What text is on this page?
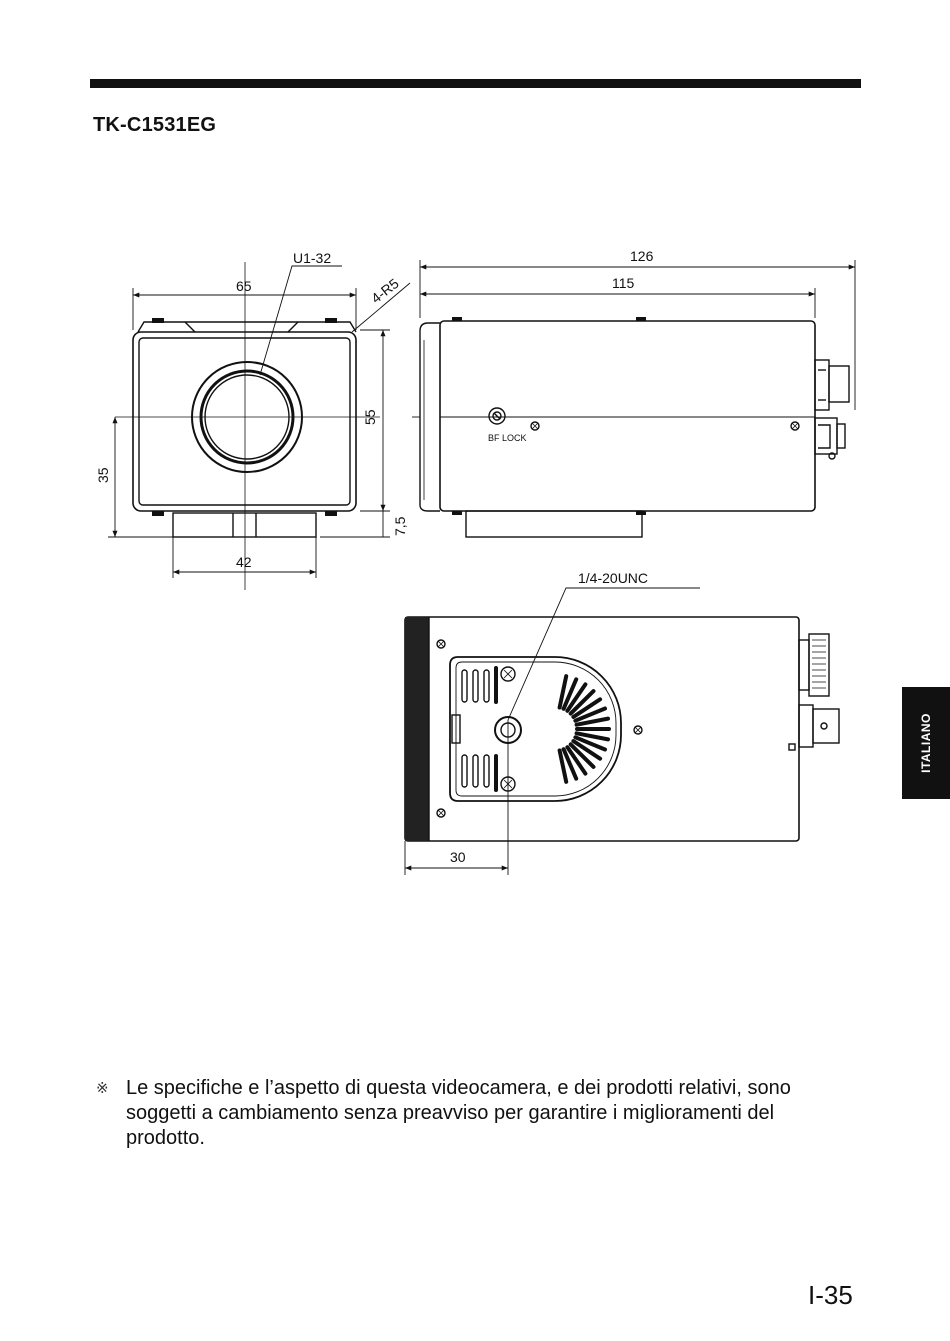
TK-C1531EG
65
U1-32
4-R5
55
35
7,5
42
BF LOCK
126
115
1/4-20UNC
30
ITALIANO
※ Le specifiche e l’aspetto di questa videocamera, e dei prodotti relativi, sono soggetti a cambiamento senza preavviso per garantire i miglioramenti del prodotto.
I-35
